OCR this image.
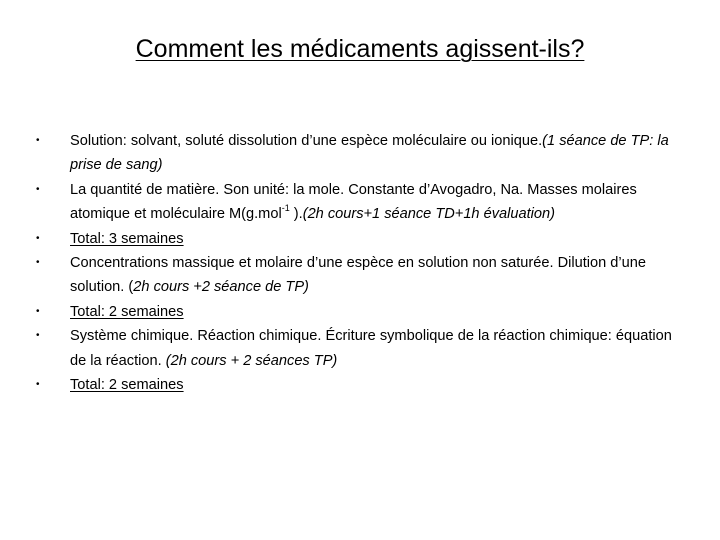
Comment les médicaments agissent-ils?
• Solution: solvant, soluté dissolution d’une espèce moléculaire ou ionique.(1 séance de TP: la prise de sang)
• La quantité de matière. Son unité: la mole. Constante d’Avogadro, Na. Masses molaires atomique et moléculaire M(g.mol$^{-1}$ ).(2h cours+1 séance TD+1h évaluation)
• Total: 3 semaines
• Concentrations massique et molaire d’une espèce en solution non saturée. Dilution d’une solution. (2h cours +2 séance de TP)
• Total: 2 semaines
• Système chimique. Réaction chimique. Écriture symbolique de la réaction chimique: équation de la réaction. (2h cours + 2 séances TP)
• Total: 2 semaines
